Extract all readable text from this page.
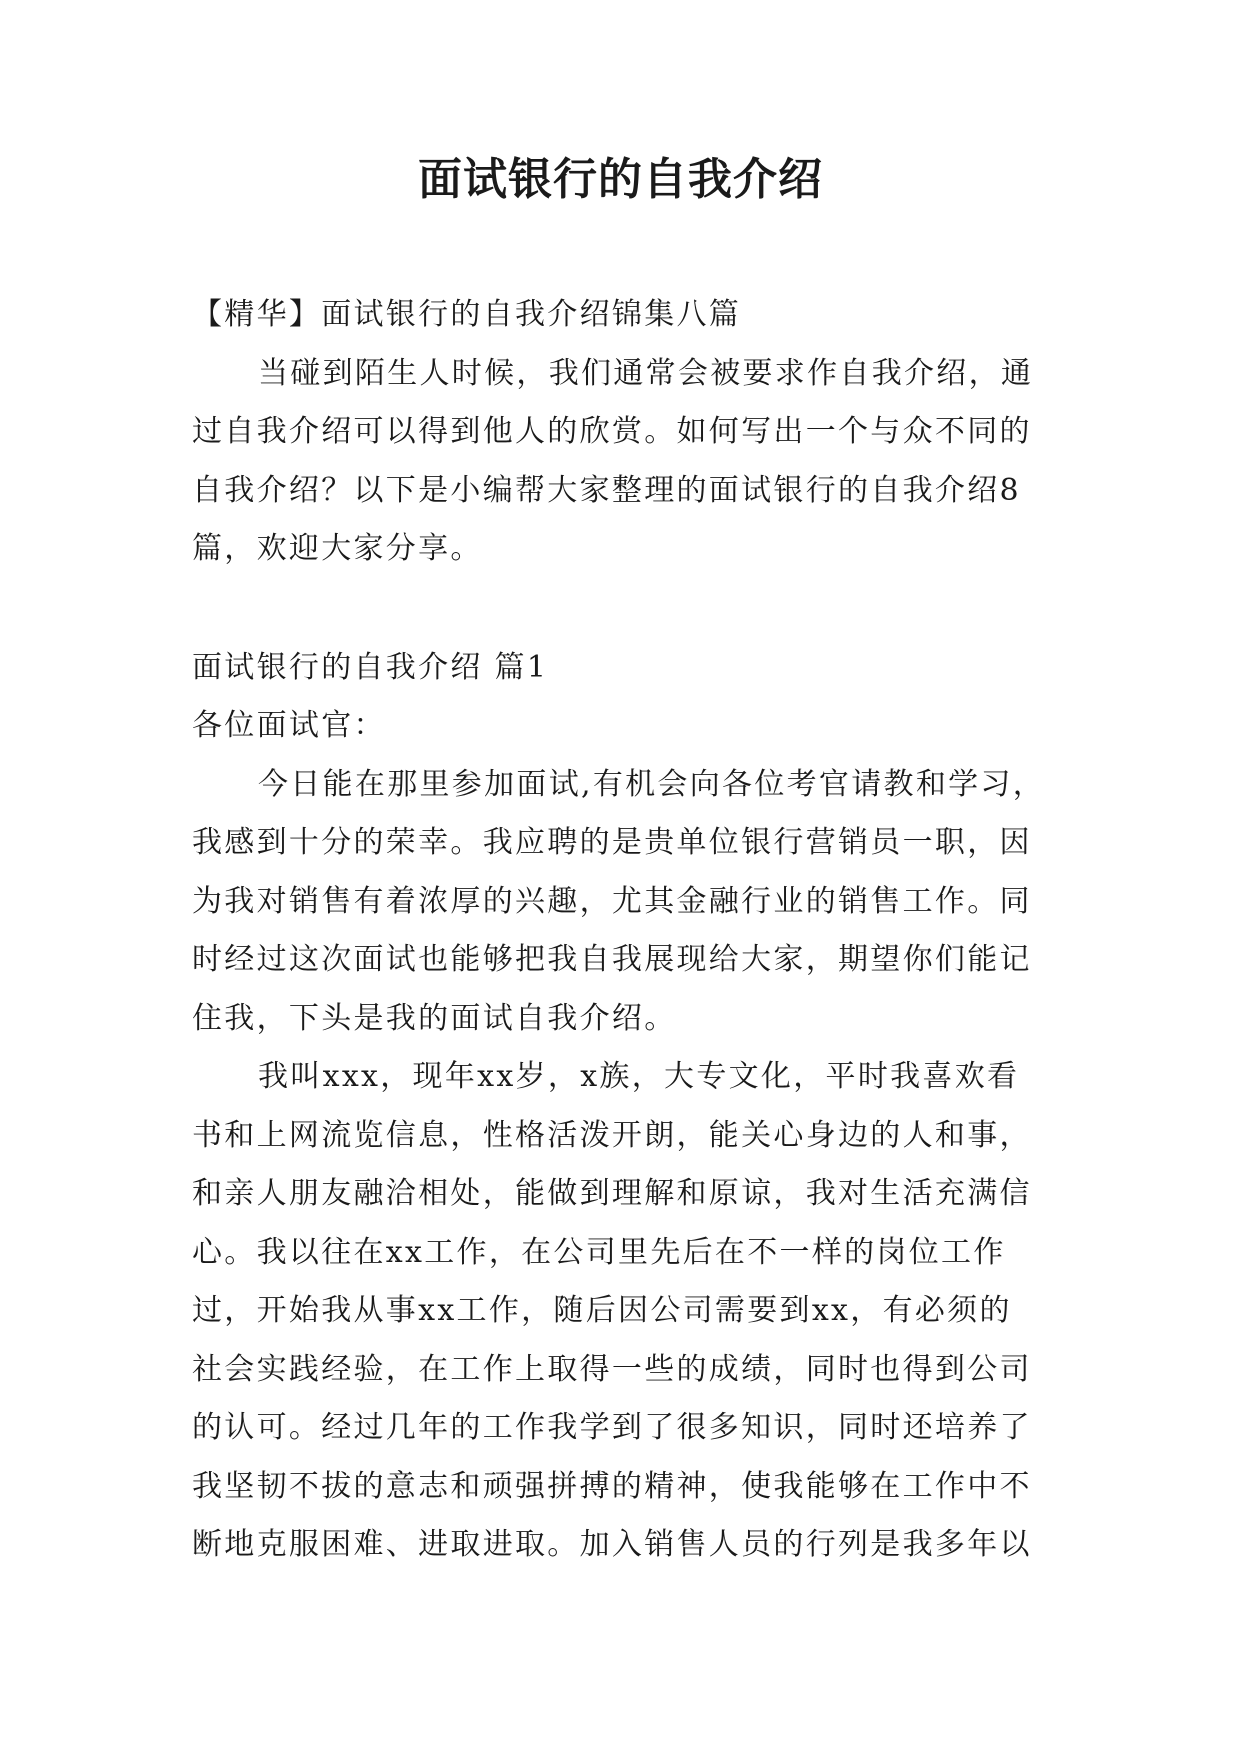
面试银行的自我介绍
【精华】面试银行的自我介绍锦集八篇
当碰到陌生人时候，我们通常会被要求作自我介绍，通
过自我介绍可以得到他人的欣赏。如何写出一个与众不同的
自我介绍？以下是小编帮大家整理的面试银行的自我介绍8
篇，欢迎大家分享。
面试银行的自我介绍 篇1
各位面试官：
今日能在那里参加面试,有机会向各位考官请教和学习，
我感到十分的荣幸。我应聘的是贵单位银行营销员一职，因
为我对销售有着浓厚的兴趣，尤其金融行业的销售工作。同
时经过这次面试也能够把我自我展现给大家，期望你们能记
住我，下头是我的面试自我介绍。
我叫xxx，现年xx岁，x族，大专文化，平时我喜欢看
书和上网流览信息，性格活泼开朗，能关心身边的人和事，
和亲人朋友融洽相处，能做到理解和原谅，我对生活充满信
心。我以往在xx工作，在公司里先后在不一样的岗位工作
过，开始我从事xx工作，随后因公司需要到xx，有必须的
社会实践经验，在工作上取得一些的成绩，同时也得到公司
的认可。经过几年的工作我学到了很多知识，同时还培养了
我坚韧不拔的意志和顽强拼搏的精神，使我能够在工作中不
断地克服困难、进取进取。加入销售人员的行列是我多年以
